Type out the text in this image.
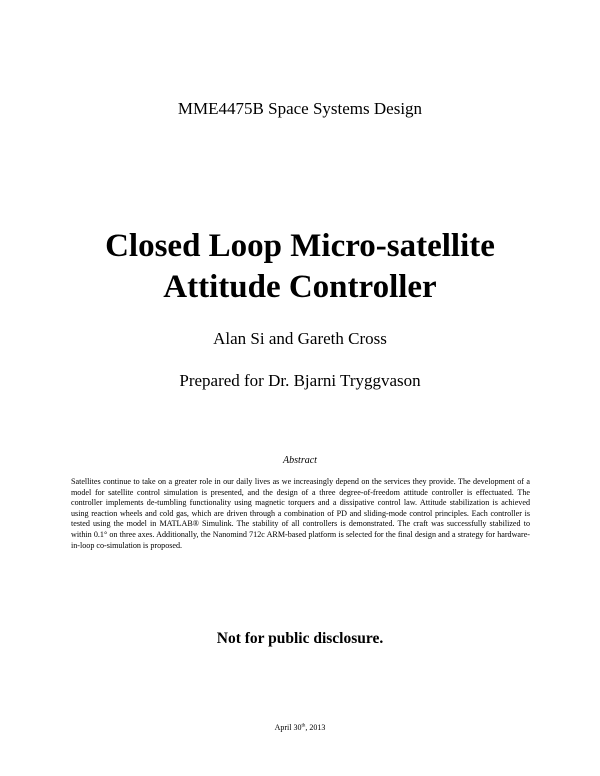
MME4475B Space Systems Design
Closed Loop Micro-satellite
Attitude Controller
Alan Si and Gareth Cross
Prepared for Dr. Bjarni Tryggvason
Abstract
Satellites continue to take on a greater role in our daily lives as we increasingly depend on the services they provide. The development of a model for satellite control simulation is presented, and the design of a three degree-of-freedom attitude controller is effectuated. The controller implements de-tumbling functionality using magnetic torquers and a dissipative control law. Attitude stabilization is achieved using reaction wheels and cold gas, which are driven through a combination of PD and sliding-mode control principles. Each controller is tested using the model in MATLAB® Simulink. The stability of all controllers is demonstrated. The craft was successfully stabilized to within 0.1° on three axes. Additionally, the Nanomind 712c ARM-based platform is selected for the final design and a strategy for hardware-in-loop co-simulation is proposed.
Not for public disclosure.
April 30th, 2013
